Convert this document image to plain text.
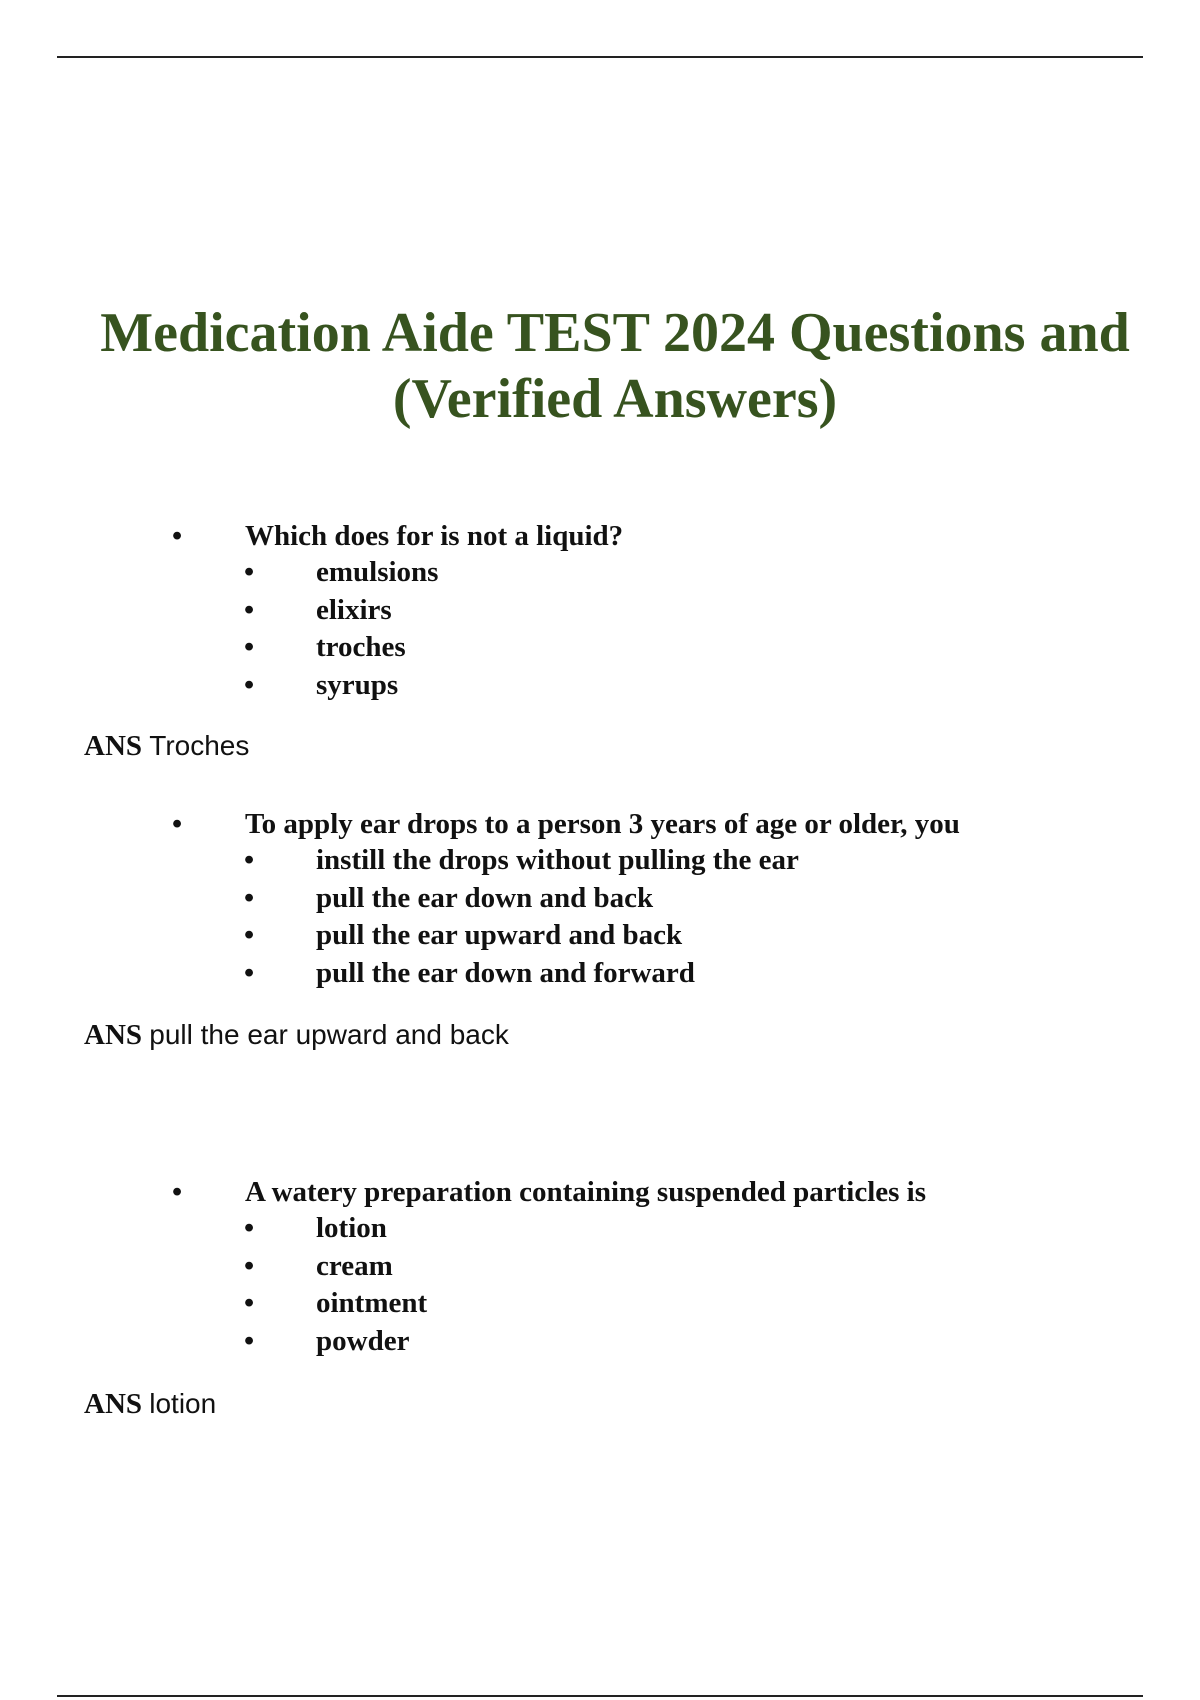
Medication Aide TEST 2024 Questions and
(Verified Answers)
• Which does for is not a liquid?
• emulsions
• elixirs
• troches
• syrups
ANS Troches
• To apply ear drops to a person 3 years of age or older, you
• instill the drops without pulling the ear
• pull the ear down and back
• pull the ear upward and back
• pull the ear down and forward
ANS pull the ear upward and back
• A watery preparation containing suspended particles is
• lotion
• cream
• ointment
• powder
ANS lotion
